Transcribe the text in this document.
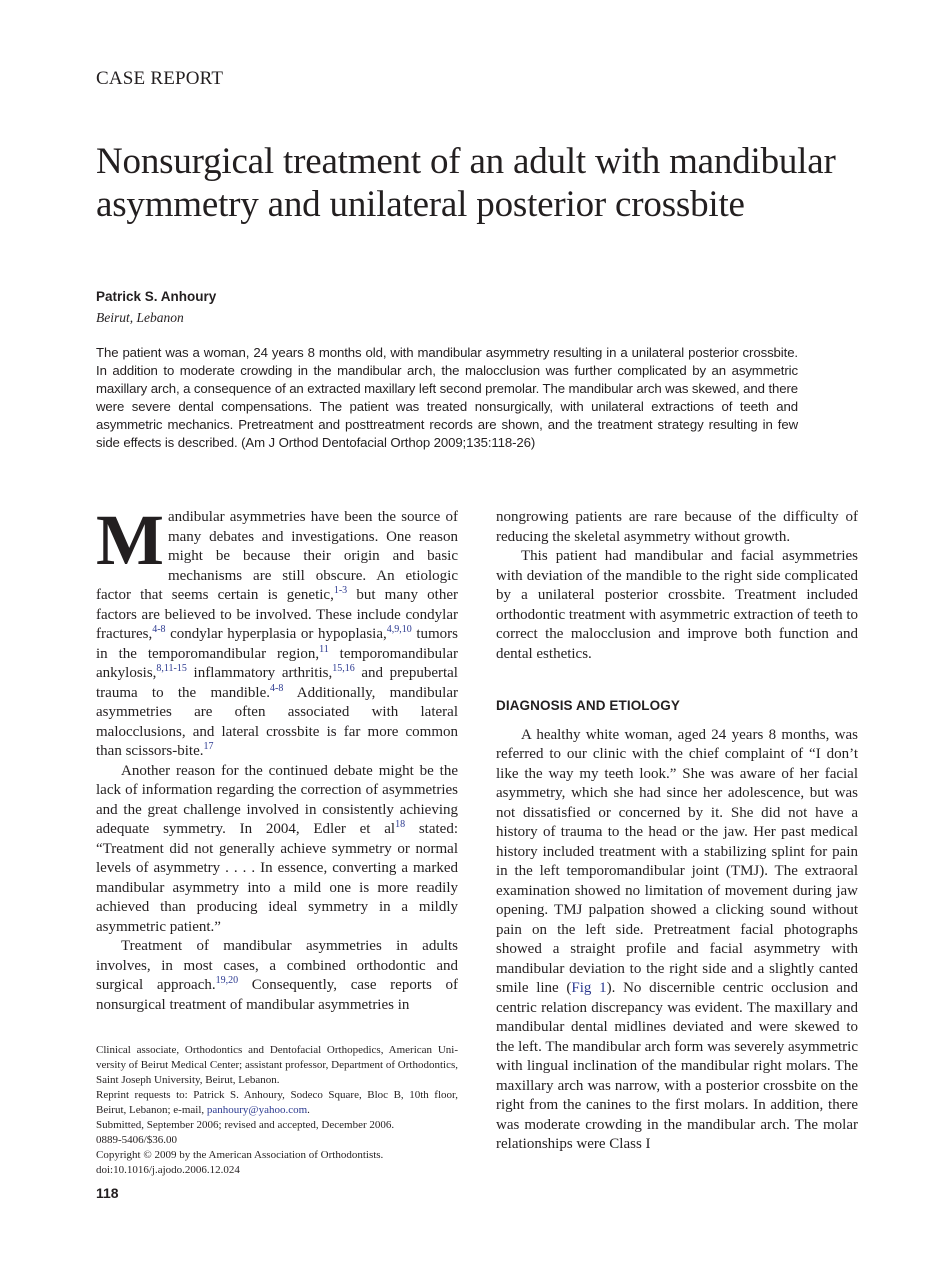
CASE REPORT
Nonsurgical treatment of an adult with mandibular asymmetry and unilateral posterior crossbite
Patrick S. Anhoury
Beirut, Lebanon

The patient was a woman, 24 years 8 months old, with mandibular asymmetry resulting in a unilateral posterior crossbite. In addition to moderate crowding in the mandibular arch, the malocclusion was further complicated by an asymmetric maxillary arch, a consequence of an extracted maxillary left second premolar. The mandibular arch was skewed, and there were severe dental compensations. The patient was treated nonsurgically, with unilateral extractions of teeth and asymmetric mechanics. Pretreatment and posttreatment records are shown, and the treatment strategy resulting in few side effects is described. (Am J Orthod Dentofacial Orthop 2009;135:118-26)

Mandibular asymmetries have been the source of many debates and investigations. One reason might be because their origin and basic mechanisms are still obscure. An etiologic factor that seems certain is genetic,$^{1-3}$ but many other factors are believed to be involved. These include condylar fractures,$^{4-8}$ condylar hyperplasia or hypoplasia,$^{4,9,10}$ tumors in the temporomandibular region,$^{11}$ temporomandibular ankylosis,$^{8,11-15}$ inflammatory arthritis,$^{15,16}$ and prepubertal trauma to the mandible.$^{4-8}$ Additionally, mandibular asymmetries are often associated with lateral malocclusions, and lateral crossbite is far more common than scissors-bite.$^{17}$

Another reason for the continued debate might be the lack of information regarding the correction of asymmetries and the great challenge involved in consistently achieving adequate symmetry. In 2004, Edler et al$^{18}$ stated: “Treatment did not generally achieve symmetry or normal levels of asymmetry . . . . In essence, converting a marked mandibular asymmetry into a mild one is more readily achieved than producing ideal symmetry in a mildly asymmetric patient.”

Treatment of mandibular asymmetries in adults involves, in most cases, a combined orthodontic and surgical approach.$^{19,20}$ Consequently, case reports of nonsurgical treatment of mandibular asymmetries in

nongrowing patients are rare because of the difficulty of reducing the skeletal asymmetry without growth.

This patient had mandibular and facial asymmetries with deviation of the mandible to the right side complicated by a unilateral posterior crossbite. Treatment included orthodontic treatment with asymmetric extraction of teeth to correct the malocclusion and improve both function and dental esthetics.

DIAGNOSIS AND ETIOLOGY

A healthy white woman, aged 24 years 8 months, was referred to our clinic with the chief complaint of “I don’t like the way my teeth look.” She was aware of her facial asymmetry, which she had since her adolescence, but was not dissatisfied or concerned by it. She did not have a history of trauma to the head or the jaw. Her past medical history included treatment with a stabilizing splint for pain in the left temporomandibular joint (TMJ). The extraoral examination showed no limitation of movement during jaw opening. TMJ palpation showed a clicking sound without pain on the left side. Pretreatment facial photographs showed a straight profile and facial asymmetry with mandibular deviation to the right side and a slightly canted smile line (Fig 1). No discernible centric occlusion and centric relation discrepancy was evident. The maxillary and mandibular dental midlines deviated and were skewed to the left. The mandibular arch form was severely asymmetric with lingual inclination of the mandibular right molars. The maxillary arch was narrow, with a posterior crossbite on the right from the canines to the first molars. In addition, there was moderate crowding in the mandibular arch. The molar relationships were Class I

Clinical associate, Orthodontics and Dentofacial Orthopedics, American University of Beirut Medical Center; assistant professor, Department of Orthodontics, Saint Joseph University, Beirut, Lebanon.

Reprint requests to: Patrick S. Anhoury, Sodeco Square, Bloc B, 10th floor, Beirut, Lebanon; e-mail, panhoury@yahoo.com.

Submitted, September 2006; revised and accepted, December 2006.

0889-5406/$36.00

Copyright © 2009 by the American Association of Orthodontists.

doi:10.1016/j.ajodo.2006.12.024

118
